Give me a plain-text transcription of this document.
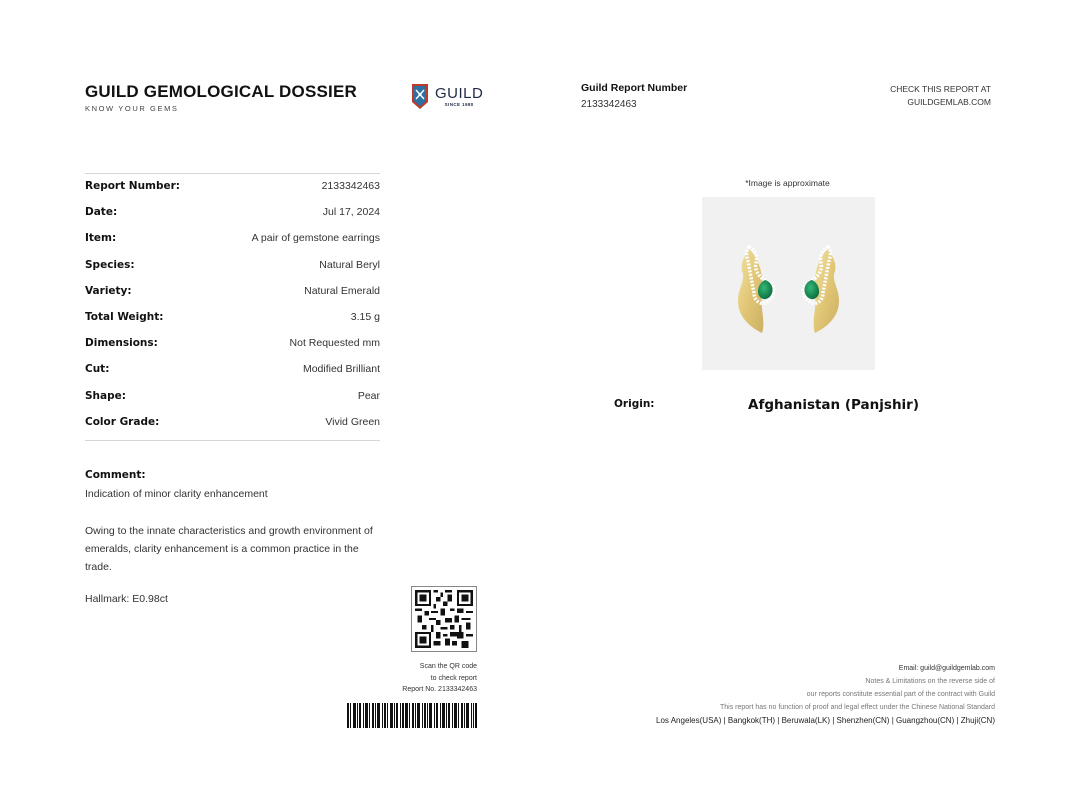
GUILD GEMOLOGICAL DOSSIER
KNOW YOUR GEMS
GUILD
SINCE 1980
Guild Report Number
2133342463
CHECK THIS REPORT AT
GUILDGEMLAB.COM
Report Number:	2133342463
Date:	Jul 17, 2024
Item:	A pair of gemstone earrings
Species:	Natural Beryl
Variety:	Natural Emerald
Total Weight:	3.15 g
Dimensions:	Not Requested mm
Cut:	Modified Brilliant
Shape:	Pear
Color Grade:	Vivid Green
Comment:
Indication of minor clarity enhancement
Owing to the innate characteristics and growth environment of emeralds, clarity enhancement is a common practice in the trade.
Hallmark: E0.98ct
Scan the QR code
to check report
Report No. 2133342463
*Image is approximate
Origin:	Afghanistan (Panjshir)
Email: guild@guildgemlab.com
Notes & Limitations on the reverse side of
our reports constitute essential part of the contract with Guild
This report has no function of proof and legal effect under the Chinese National Standard
Los Angeles(USA) | Bangkok(TH) | Beruwala(LK) | Shenzhen(CN) | Guangzhou(CN) | Zhuji(CN)
